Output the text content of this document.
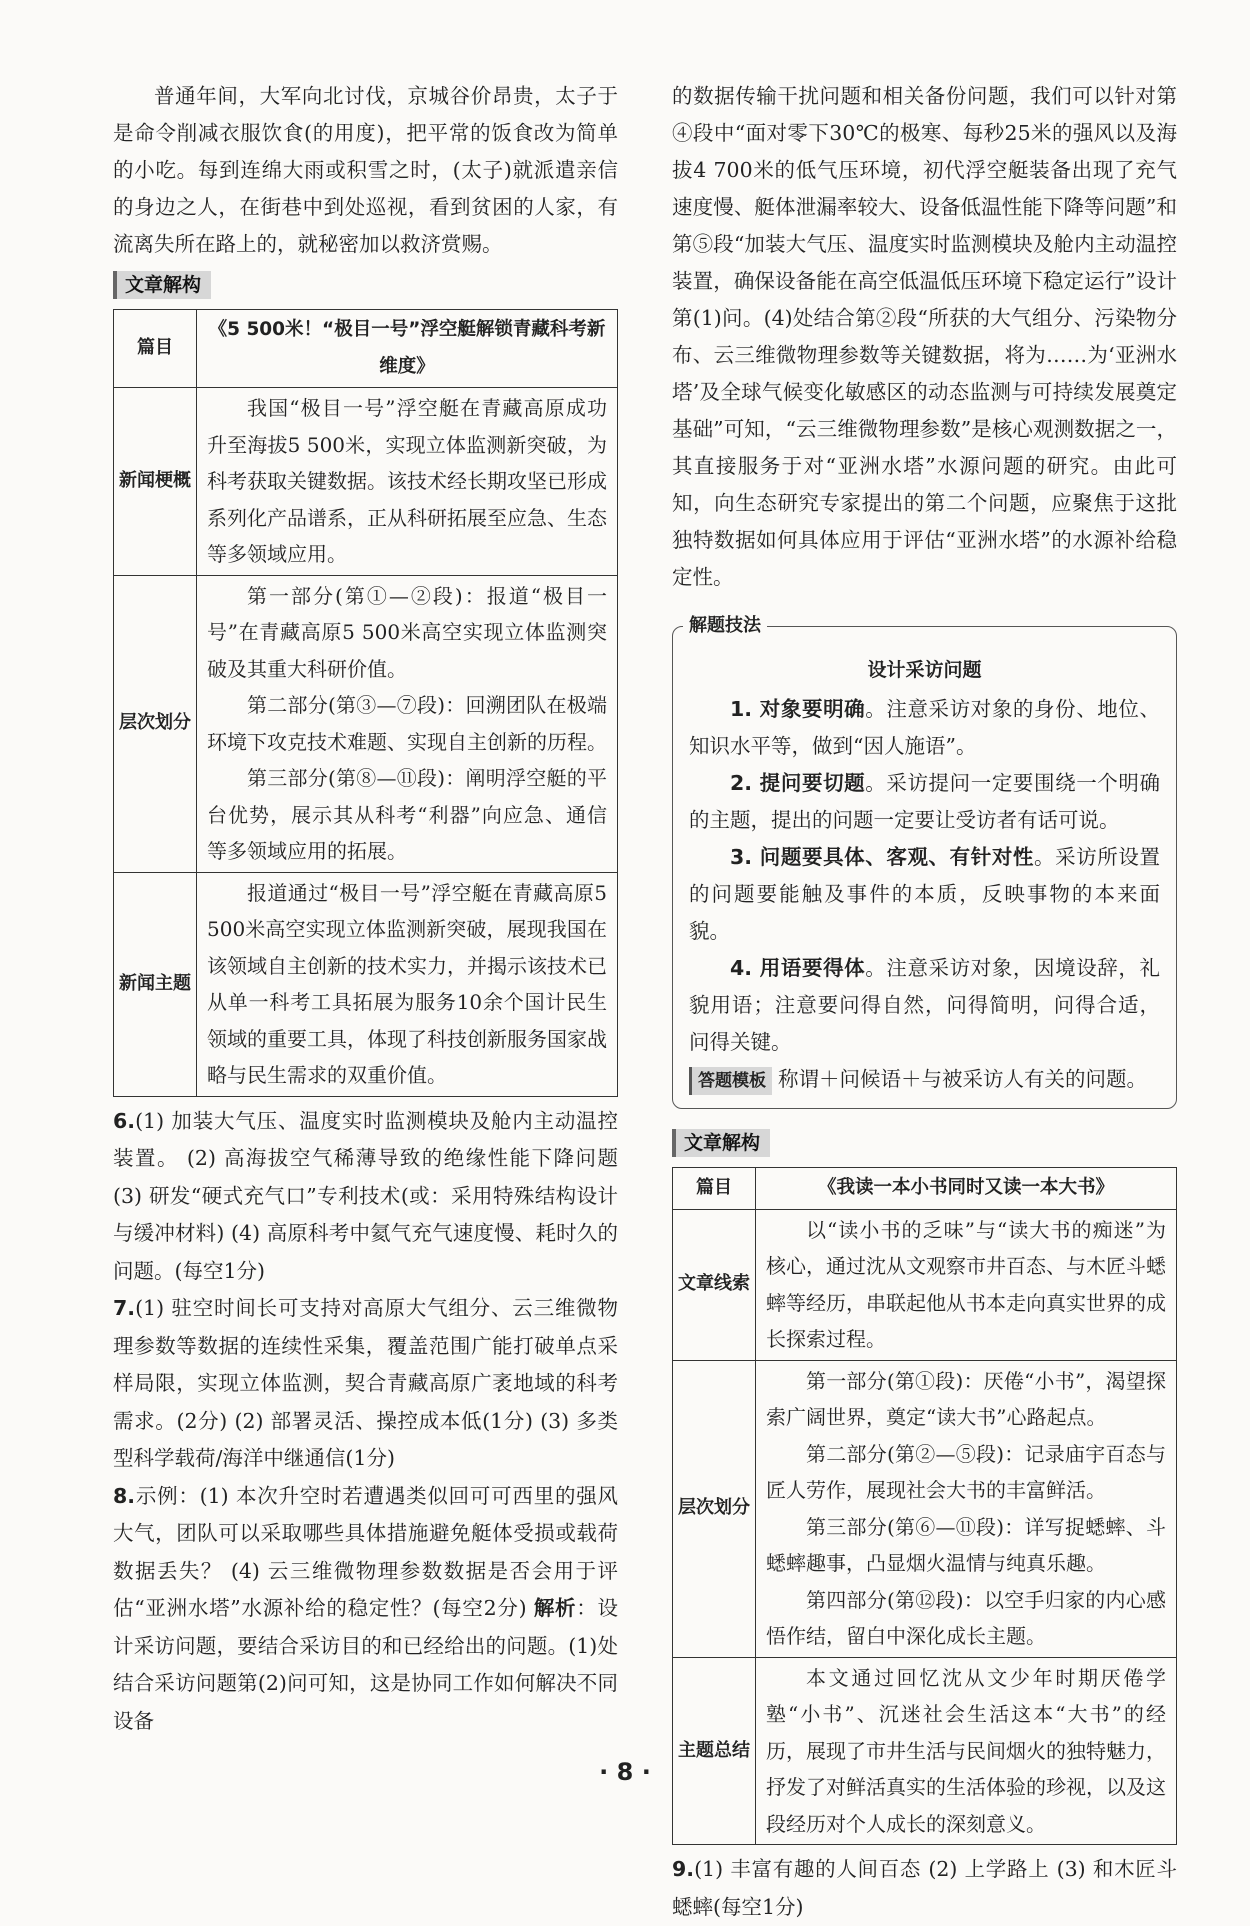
普通年间，大军向北讨伐，京城谷价昂贵，太子于是命令削减衣服饮食(的用度)，把平常的饭食改为简单的小吃。每到连绵大雨或积雪之时，(太子)就派遣亲信的身边之人，在街巷中到处巡视，看到贫困的人家，有流离失所在路上的，就秘密加以救济赏赐。

文章解构
篇目	《5 500米！“极目一号”浮空艇解锁青藏科考新维度》
新闻梗概	我国“极目一号”浮空艇在青藏高原成功升至海拔5 500米，实现立体监测新突破，为科考获取关键数据。该技术经长期攻坚已形成系列化产品谱系，正从科研拓展至应急、生态等多领域应用。

层次划分	第一部分(第①—②段)：报道“极目一号”在青藏高原5 500米高空实现立体监测突破及其重大科研价值。

第二部分(第③—⑦段)：回溯团队在极端环境下攻克技术难题、实现自主创新的历程。

第三部分(第⑧—⑪段)：阐明浮空艇的平台优势，展示其从科考“利器”向应急、通信等多领域应用的拓展。

新闻主题	报道通过“极目一号”浮空艇在青藏高原5 500米高空实现立体监测新突破，展现我国在该领域自主创新的技术实力，并揭示该技术已从单一科考工具拓展为服务10余个国计民生领域的重要工具，体现了科技创新服务国家战略与民生需求的双重价值。

6.(1) 加装大气压、温度实时监测模块及舱内主动温控装置。 (2) 高海拔空气稀薄导致的绝缘性能下降问题 (3) 研发“硬式充气口”专利技术(或：采用特殊结构设计与缓冲材料) (4) 高原科考中氦气充气速度慢、耗时久的问题。(每空1分)

7.(1) 驻空时间长可支持对高原大气组分、云三维微物理参数等数据的连续性采集，覆盖范围广能打破单点采样局限，实现立体监测，契合青藏高原广袤地域的科考需求。(2分) (2) 部署灵活、操控成本低(1分) (3) 多类型科学载荷/海洋中继通信(1分)

8.示例：(1) 本次升空时若遭遇类似回可可西里的强风大气，团队可以采取哪些具体措施避免艇体受损或载荷数据丢失？ (4) 云三维微物理参数数据是否会用于评估“亚洲水塔”水源补给的稳定性？(每空2分) 解析：设计采访问题，要结合采访目的和已经给出的问题。(1)处结合采访问题第(2)问可知，这是协同工作如何解决不同设备

的数据传输干扰问题和相关备份问题，我们可以针对第④段中“面对零下30℃的极寒、每秒25米的强风以及海拔4 700米的低气压环境，初代浮空艇装备出现了充气速度慢、艇体泄漏率较大、设备低温性能下降等问题”和第⑤段“加装大气压、温度实时监测模块及舱内主动温控装置，确保设备能在高空低温低压环境下稳定运行”设计第(1)问。(4)处结合第②段“所获的大气组分、污染物分布、云三维微物理参数等关键数据，将为……为‘亚洲水塔’及全球气候变化敏感区的动态监测与可持续发展奠定基础”可知，“云三维微物理参数”是核心观测数据之一，其直接服务于对“亚洲水塔”水源问题的研究。由此可知，向生态研究专家提出的第二个问题，应聚焦于这批独特数据如何具体应用于评估“亚洲水塔”的水源补给稳定性。

解题技法
设计采访问题

1. 对象要明确。注意采访对象的身份、地位、知识水平等，做到“因人施语”。

2. 提问要切题。采访提问一定要围绕一个明确的主题，提出的问题一定要让受访者有话可说。

3. 问题要具体、客观、有针对性。采访所设置的问题要能触及事件的本质，反映事物的本来面貌。

4. 用语要得体。注意采访对象，因境设辞，礼貌用语；注意要问得自然，问得简明，问得合适，问得关键。

答题模板 称谓＋问候语＋与被采访人有关的问题。

文章解构
篇目	《我读一本小书同时又读一本大书》
文章线索	以“读小书的乏味”与“读大书的痴迷”为核心，通过沈从文观察市井百态、与木匠斗蟋蟀等经历，串联起他从书本走向真实世界的成长探索过程。

层次划分	第一部分(第①段)：厌倦“小书”，渴望探索广阔世界，奠定“读大书”心路起点。

第二部分(第②—⑤段)：记录庙宇百态与匠人劳作，展现社会大书的丰富鲜活。

第三部分(第⑥—⑪段)：详写捉蟋蟀、斗蟋蟀趣事，凸显烟火温情与纯真乐趣。

第四部分(第⑫段)：以空手归家的内心感悟作结，留白中深化成长主题。

主题总结	本文通过回忆沈从文少年时期厌倦学塾“小书”、沉迷社会生活这本“大书”的经历，展现了市井生活与民间烟火的独特魅力，抒发了对鲜活真实的生活体验的珍视，以及这段经历对个人成长的深刻意义。

9.(1) 丰富有趣的人间百态 (2) 上学路上 (3) 和木匠斗蟋蟀(每空1分)

· 8 ·
